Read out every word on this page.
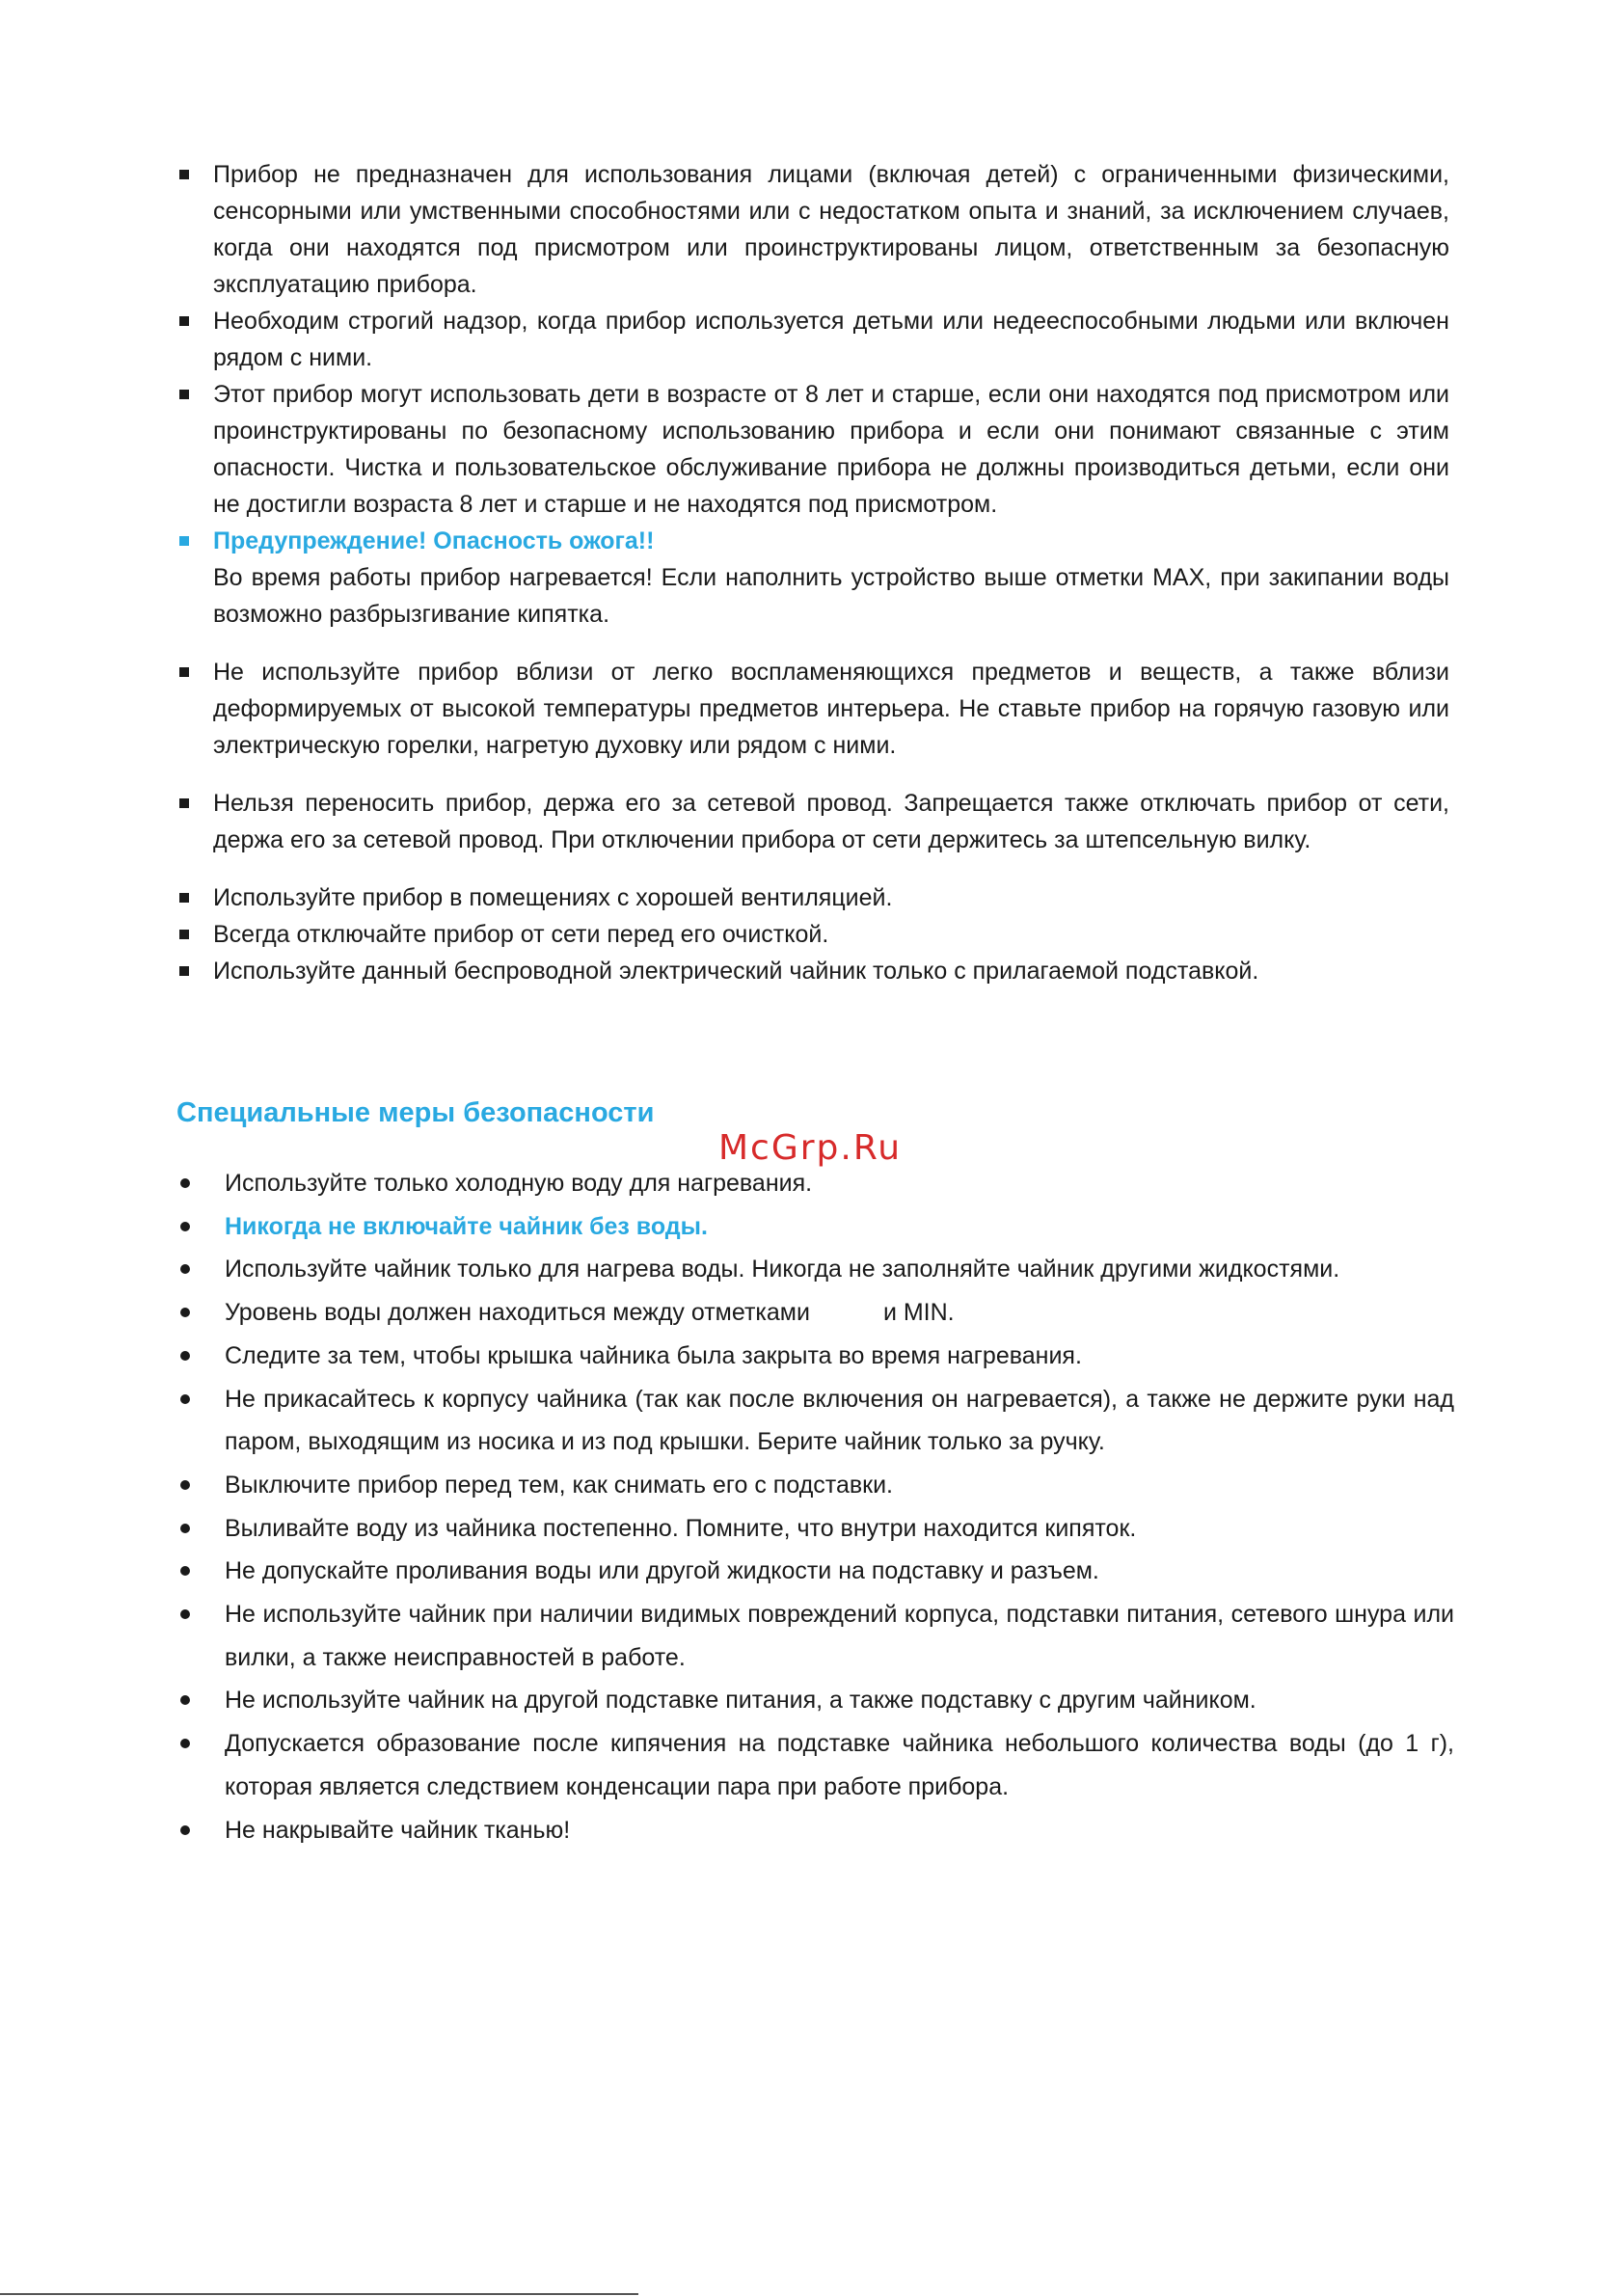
Прибор не предназначен для использования лицами (включая детей) с ограниченными физическими, сенсорными или умственными способностями или с недостатком опыта и знаний, за исключением случаев, когда они находятся под присмотром или проинструктированы лицом, ответственным за безопасную эксплуатацию прибора.
Необходим строгий надзор, когда прибор используется детьми или недееспособными людьми или включен рядом с ними.
Этот прибор могут использовать дети в возрасте от 8 лет и старше, если они находятся под присмотром или проинструктированы по безопасному использованию прибора и если они понимают связанные с этим опасности. Чистка и пользовательское обслуживание прибора не должны производиться детьми, если они не достигли возраста 8 лет и старше и не находятся под присмотром.
Предупреждение! Опасность ожога!!
Во время работы прибор нагревается! Если наполнить устройство выше отметки MAX, при закипании воды возможно разбрызгивание кипятка.
Не используйте прибор вблизи от легко воспламеняющихся предметов и веществ, а также вблизи деформируемых от высокой температуры предметов интерьера. Не ставьте прибор на горячую газовую или электрическую горелки, нагретую духовку или рядом с ними.
Нельзя переносить прибор, держа его за сетевой провод. Запрещается также отключать прибор от сети, держа его за сетевой провод. При отключении прибора от сети держитесь за штепсельную вилку.
Используйте прибор в помещениях с хорошей вентиляцией.
Всегда отключайте прибор от сети перед его очисткой.
Используйте данный беспроводной электрический чайник только с прилагаемой подставкой.
Специальные меры безопасности
McGrp.Ru
Используйте только холодную воду для нагревания.
Никогда не включайте чайник без воды.
Используйте чайник только для нагрева воды. Никогда не заполняйте чайник другими жидкостями.
Уровень воды должен находиться между отметками	и MIN.
Следите за тем, чтобы крышка чайника была закрыта во время нагревания.
Не прикасайтесь к корпусу чайника (так как после включения он нагревается), а также не держите руки над паром, выходящим из носика и из под крышки. Берите чайник только за ручку.
Выключите прибор перед тем, как снимать его с подставки.
Выливайте воду из чайника постепенно. Помните, что внутри находится кипяток.
Не допускайте проливания воды или другой жидкости на подставку и разъем.
Не используйте чайник при наличии видимых повреждений корпуса, подставки питания, сетевого шнура или вилки, а также неисправностей в работе.
Не используйте чайник на другой подставке питания, а также подставку с другим чайником.
Допускается образование после кипячения на подставке чайника небольшого количества воды (до 1 г), которая является следствием конденсации пара при работе прибора.
Не накрывайте чайник тканью!
